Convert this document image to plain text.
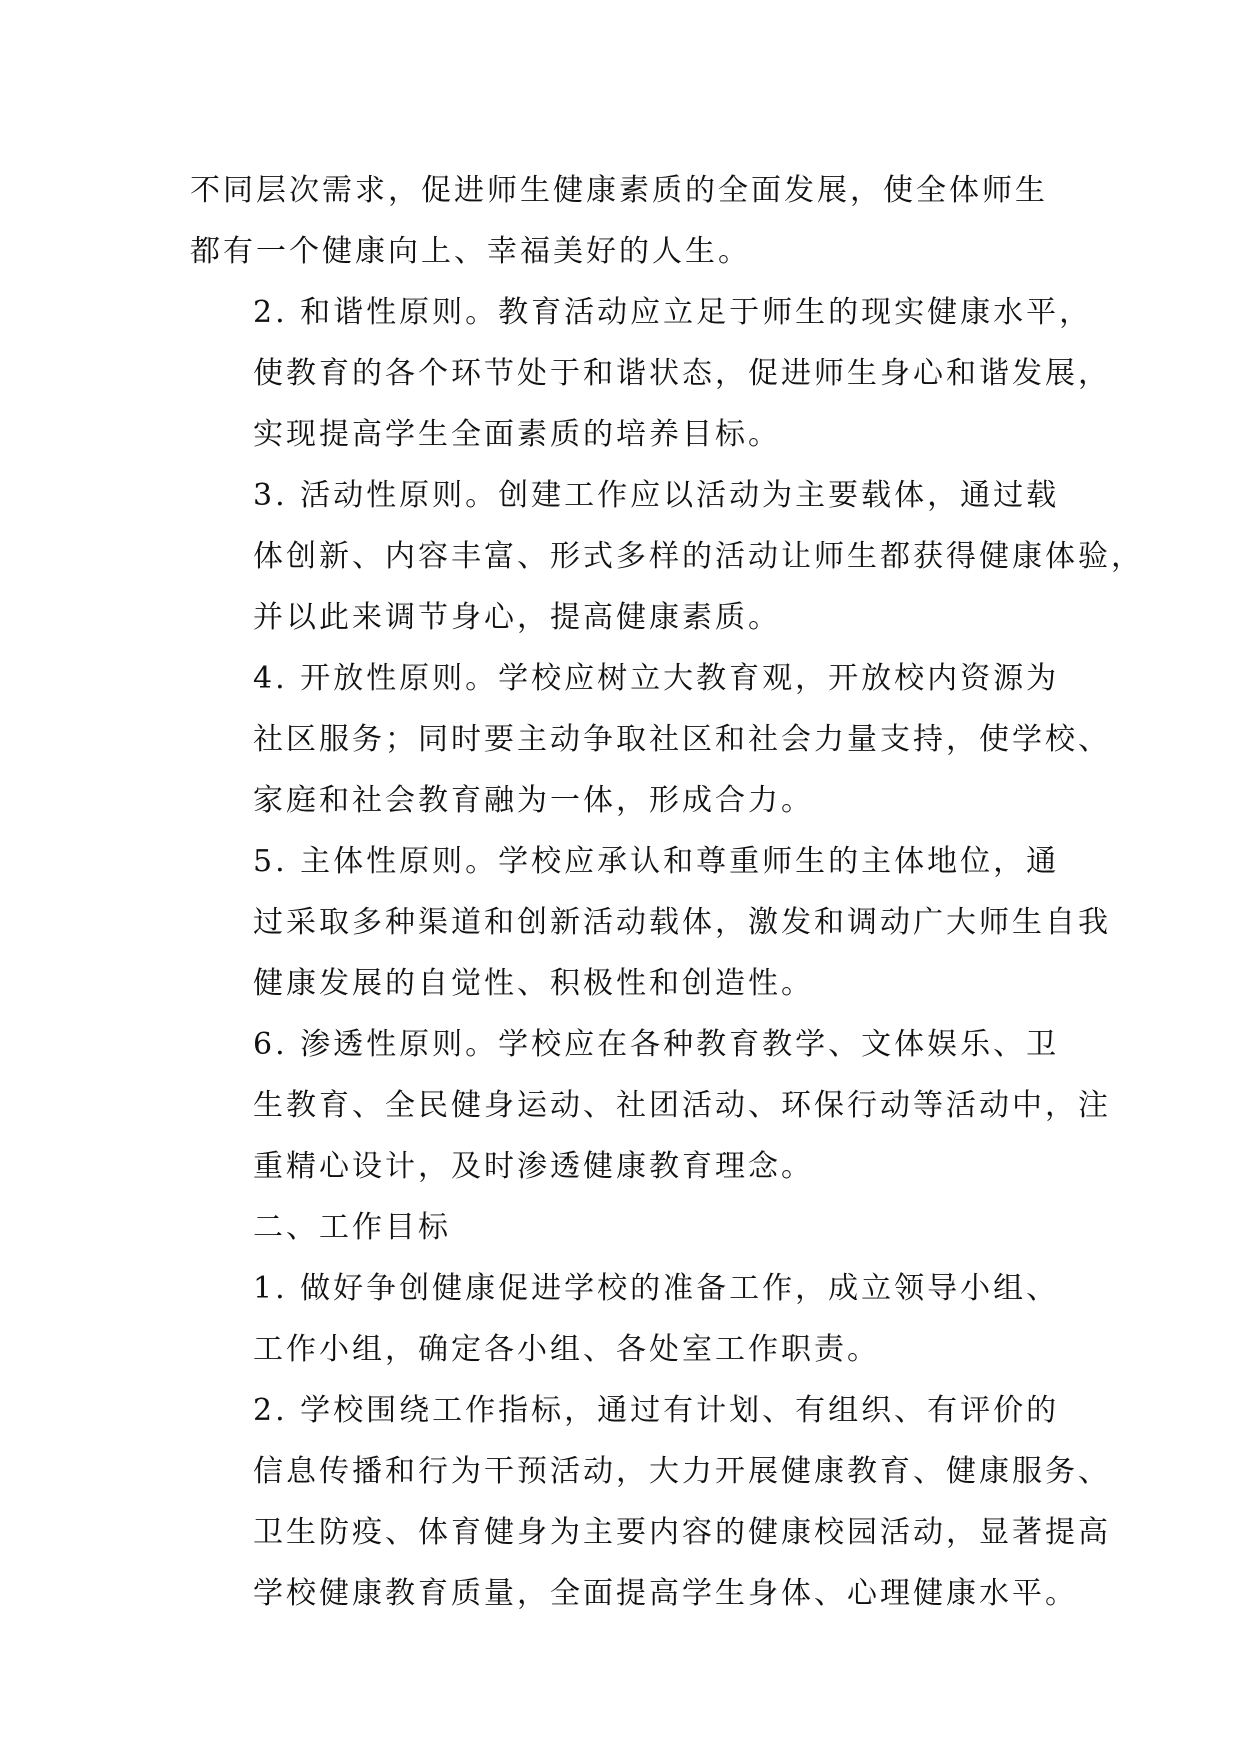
不同层次需求，促进师生健康素质的全面发展，使全体师生
都有一个健康向上、幸福美好的人生。

2. 和谐性原则。教育活动应立足于师生的现实健康水平，
使教育的各个环节处于和谐状态，促进师生身心和谐发展，
实现提高学生全面素质的培养目标。

3. 活动性原则。创建工作应以活动为主要载体，通过载
体创新、内容丰富、形式多样的活动让师生都获得健康体验，
并以此来调节身心，提高健康素质。

4. 开放性原则。学校应树立大教育观，开放校内资源为
社区服务；同时要主动争取社区和社会力量支持，使学校、
家庭和社会教育融为一体，形成合力。

5. 主体性原则。学校应承认和尊重师生的主体地位，通
过采取多种渠道和创新活动载体，激发和调动广大师生自我
健康发展的自觉性、积极性和创造性。

6. 渗透性原则。学校应在各种教育教学、文体娱乐、卫
生教育、全民健身运动、社团活动、环保行动等活动中，注
重精心设计，及时渗透健康教育理念。

二、工作目标

1. 做好争创健康促进学校的准备工作，成立领导小组、
工作小组，确定各小组、各处室工作职责。

2. 学校围绕工作指标，通过有计划、有组织、有评价的
信息传播和行为干预活动，大力开展健康教育、健康服务、
卫生防疫、体育健身为主要内容的健康校园活动，显著提高
学校健康教育质量，全面提高学生身体、心理健康水平。
